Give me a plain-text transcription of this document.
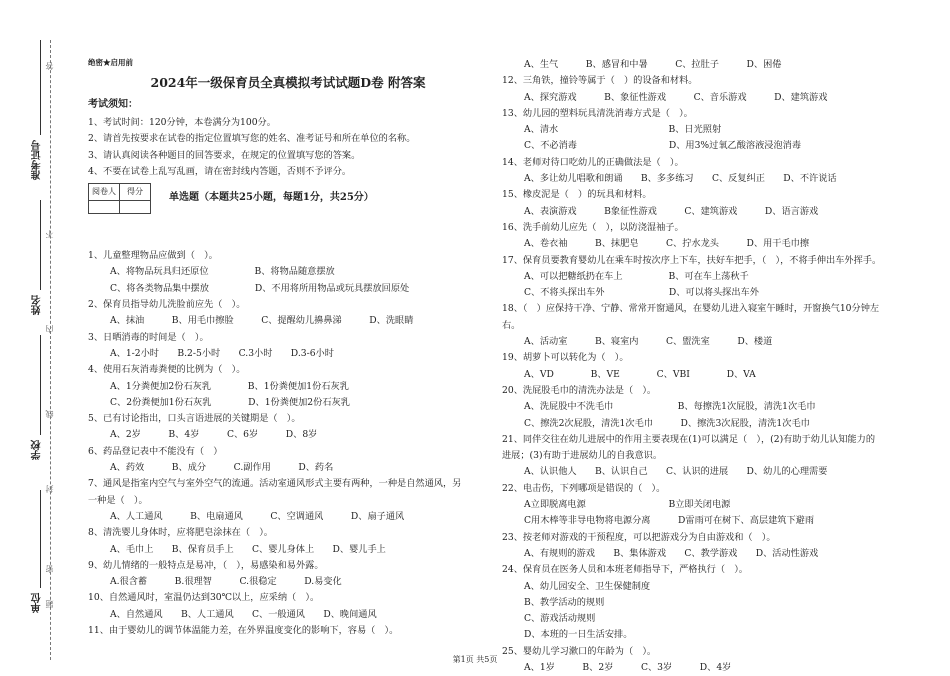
准考证号
姓名
学校
单位
答
不
内
线
封
密
题
绝密★启用前
2024年一级保育员全真模拟考试试题D卷 附答案
考试须知：
1、考试时间：120分钟，本卷满分为100分。
2、请首先按要求在试卷的指定位置填写您的姓名、准考证号和所在单位的名称。
3、请认真阅读各种题目的回答要求，在规定的位置填写您的答案。
4、不要在试卷上乱写乱画，请在密封线内答题，否则不予评分。
阅卷人	得分

单选题（本题共25小题，每题1分，共25分）
1、儿童整理物品应做到（　）。
A、将物品玩具归还原位　　　　　B、将物品随意摆放
C、将各类物品集中摆放　　　　　D、不用将所用物品或玩具摆放回原处
2、保育员指导幼儿洗脸前应先（　）。
A、抹油　　　B、用毛巾擦脸　　　C、提醒幼儿擤鼻涕　　　D、洗眼睛
3、日晒消毒的时间是（　）。
A、1-2小时　　B.2-5小时　　C.3小时　　D.3-6小时
4、使用石灰消毒粪便的比例为（　）。
A、1分粪便加2份石灰乳　　　　B、1份粪便加1份石灰乳
C、2份粪便加1份石灰乳　　　　D、1份粪便加2份石灰乳
5、已有讨论指出，口头言语进展的关键期是（　）。
A、2岁　　　B、4岁　　　C、6岁　　　D、8岁
6、药品登记表中不能没有（　）
A、药效　　　B、成分　　　C.副作用　　　D、药名
7、通风是指室内空气与室外空气的流通。活动室通风形式主要有两种，一种是自然通风，另
一种是（　）。
A、人工通风　　　B、电扇通风　　　C、空调通风　　　D、扇子通风
8、清洗婴儿身体时，应将肥皂涂抹在（　）。
A、毛巾上　　B、保育员手上　　C、婴儿身体上　　D、婴儿手上
9、幼儿情绪的一般特点是易冲，（　），易感染和易外露。
A.很含蓄　　　B.很理智　　　C.很稳定　　　D.易变化
10、自然通风时，室温仍达到30℃以上，应采纳（　）。
A、自然通风　　B、人工通风　　C、一般通风　　D、晚间通风
11、由于婴幼儿的调节体温能力差，在外界温度变化的影响下，容易（　）。
A、生气　　　B、感冒和中暑　　　C、拉肚子　　　D、困倦
12、三角铁，撞铃等属于（　）的设备和材料。
A、探究游戏　　　B、象征性游戏　　　C、音乐游戏　　　D、建筑游戏
13、幼儿园的塑料玩具清洗消毒方式是（　）。
A、清水　　　　　　　　　　　　B、日光照射
C、不必消毒　　　　　　　　　　D、用3%过氧乙酸溶液浸泡消毒
14、老师对待口吃幼儿的正确做法是（　）。
A、多让幼儿唱歌和朗诵　　B、多多练习　　C、反复纠正　　D、不许说话
15、橡皮泥是（　）的玩具和材料。
A、表演游戏　　　B象征性游戏　　　C、建筑游戏　　　D、语言游戏
16、洗手前幼儿应先（　），以防浇湿袖子。
A、卷衣袖　　　B、抹肥皂　　　C、拧水龙头　　　D、用干毛巾擦
17、保育员要教育婴幼儿在乘车时按次序上下车，扶好车把手，（　），不将手伸出车外挥手。
A、可以把糖纸扔在车上　　　　　B、可在车上荡秋千
C、不将头探出车外　　　　　　　D、可以将头探出车外
18、（　）应保持干净、宁静、常常开窗通风，在婴幼儿进入寝室午睡时，开窗换气10分钟左
右。
A、活动室　　　B、寝室内　　　C、盥洗室　　　D、楼道
19、胡萝卜可以转化为（　）。
A、VD　　　　B、VE　　　　C、VBI　　　　D、VA
20、洗屁股毛巾的清洗办法是（　）。
A、洗屁股中不洗毛巾　　　　　　　B、每擦洗1次屁股，清洗1次毛巾
C、擦洗2次屁股，清洗1次毛巾　　　D、擦洗3次屁股，清洗1次毛巾
21、同伴交往在幼儿进展中的作用主要表现在(1)可以满足（　），(2)有助于幼儿认知能力的
进展；(3)有助于进展幼儿的自我意识。
A、认识他人　　B、认识自己　　C、认识的进展　　D、幼儿的心理需要
22、电击伤，下列哪项是错误的（　）。
A立即脱离电源　　　　　　　　　B立即关闭电源
C用木棒等非导电物将电源分离　　　D雷雨可在树下、高层建筑下避雨
23、按老师对游戏的干预程度，可以把游戏分为自由游戏和（　）。
A、有规则的游戏　　B、集体游戏　　C、教学游戏　　D、活动性游戏
24、保育员在医务人员和本班老师指导下，严格执行（　）。
A、幼儿园安全、卫生保健制度
B、教学活动的规则
C、游戏活动规则
D、本班的一日生活安排。
25、婴幼儿学习漱口的年龄为（　）。
A、1岁　　　B、2岁　　　C、3岁　　　D、4岁
第1页 共5页
